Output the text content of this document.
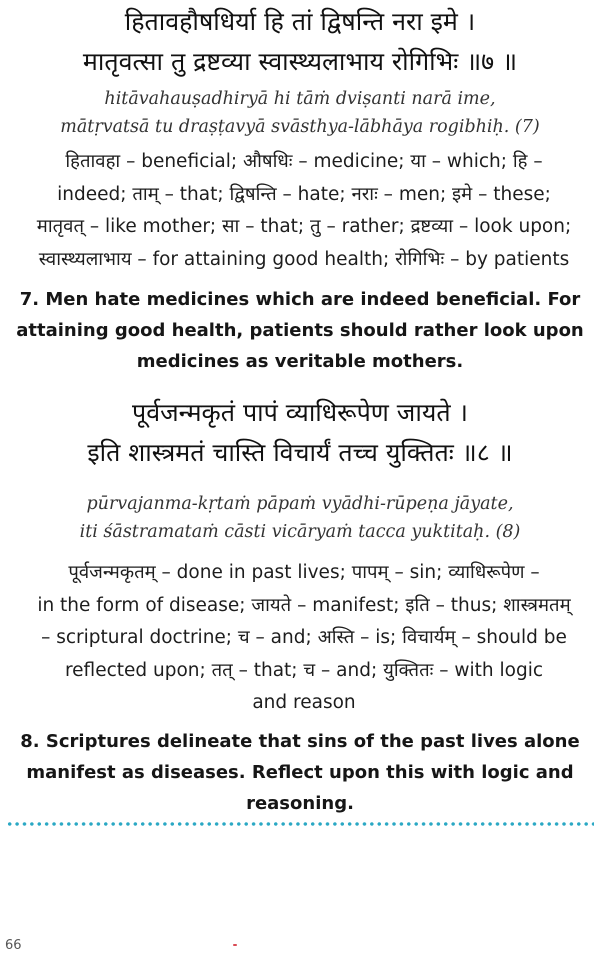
हितावहौषधिर्या हि तां द्विषन्ति नरा इमे ।

मातृवत्सा तु द्रष्टव्या स्वास्थ्यलाभाय रोगिभिः ॥७ ॥

hitāvahauṣadhiryā hi tāṁ dviṣanti narā ime,

mātṛvatsā tu draṣṭavyā svāsthya-lābhāya rogibhiḥ. (7)

हितावहा – beneficial; औषधिः – medicine; या – which; हि –
indeed; ताम् – that; द्विषन्ति – hate; नराः – men; इमे – these;
मातृवत् – like mother; सा – that; तु – rather; द्रष्टव्या – look upon;
स्वास्थ्यलाभाय – for attaining good health; रोगिभिः – by patients
7. Men hate medicines which are indeed beneficial. For
attaining good health, patients should rather look upon
medicines as veritable mothers.

पूर्वजन्मकृतं पापं व्याधिरूपेण जायते ।

इति शास्त्रमतं चास्ति विचार्यं तच्च युक्तितः ॥८ ॥

pūrvajanma-kṛtaṁ pāpaṁ vyādhi-rūpeṇa jāyate,

iti śāstramataṁ cāsti vicāryaṁ tacca yuktitaḥ. (8)

पूर्वजन्मकृतम् – done in past lives; पापम् – sin; व्याधिरूपेण –
in the form of disease; जायते – manifest; इति – thus; शास्त्रमतम्
– scriptural doctrine; च – and; अस्ति – is; विचार्यम् – should be
reflected upon; तत् – that; च – and; युक्तितः – with logic
and reason
8. Scriptures delineate that sins of the past lives alone
manifest as diseases. Reflect upon this with logic and
reasoning.
66
